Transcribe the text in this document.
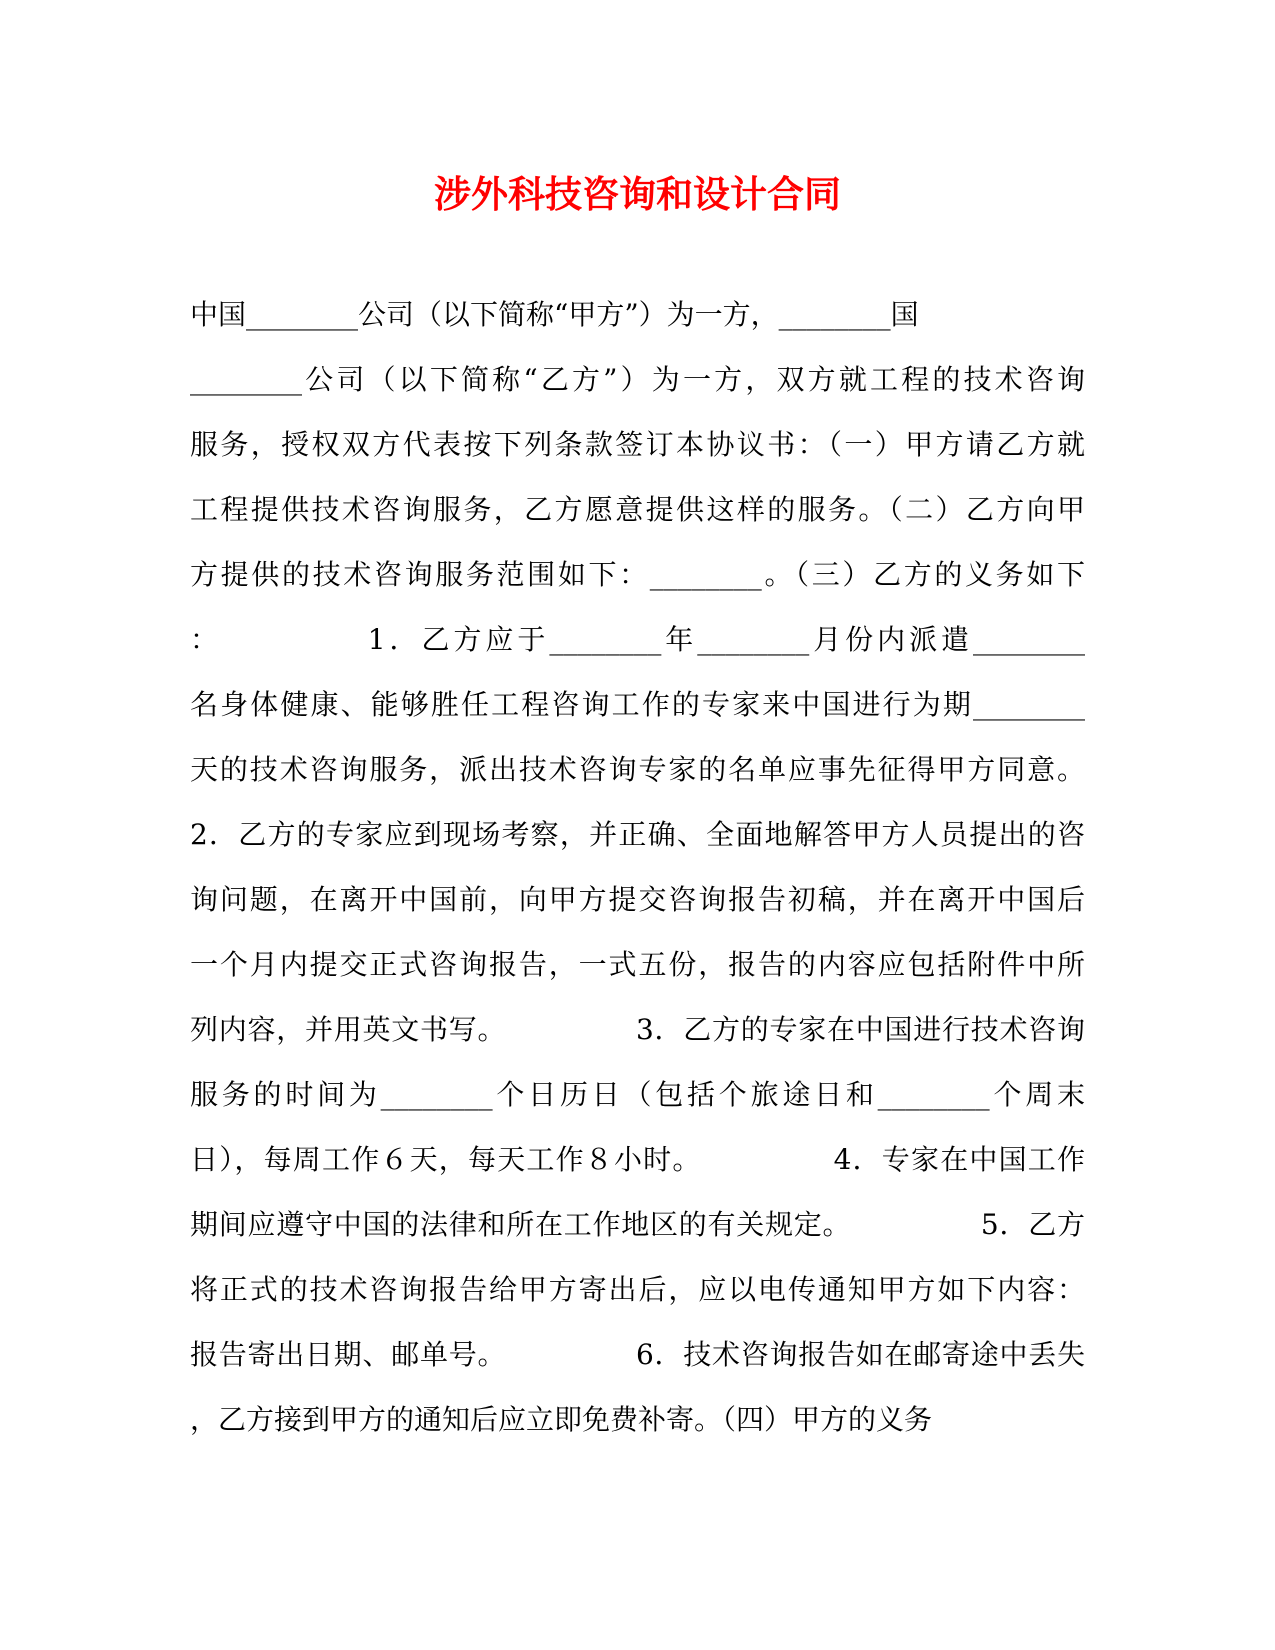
涉外科技咨询和设计合同
中国________公司（以下简称“甲方”）为一方，________国
________公司（以下简称“乙方”）为一方，双方就工程的技术咨询
服务，授权双方代表按下列条款签订本协议书：（一）甲方请乙方就
工程提供技术咨询服务，乙方愿意提供这样的服务。（二）乙方向甲
方提供的技术咨询服务范围如下：________。（三）乙方的义务如下
：　　　　　1．乙方应于________年________月份内派遣________
名身体健康、能够胜任工程咨询工作的专家来中国进行为期________
天的技术咨询服务，派出技术咨询专家的名单应事先征得甲方同意。
2．乙方的专家应到现场考察，并正确、全面地解答甲方人员提出的咨
询问题，在离开中国前，向甲方提交咨询报告初稿，并在离开中国后
一个月内提交正式咨询报告，一式五份，报告的内容应包括附件中所
列内容，并用英文书写。　　　　　3．乙方的专家在中国进行技术咨询
服务的时间为________个日历日（包括个旅途日和________个周末
日），每周工作６天，每天工作８小时。　　　　　4．专家在中国工作
期间应遵守中国的法律和所在工作地区的有关规定。　　　　　5．乙方
将正式的技术咨询报告给甲方寄出后，应以电传通知甲方如下内容：
报告寄出日期、邮单号。　　　　　6．技术咨询报告如在邮寄途中丢失
，乙方接到甲方的通知后应立即免费补寄。（四）甲方的义务
